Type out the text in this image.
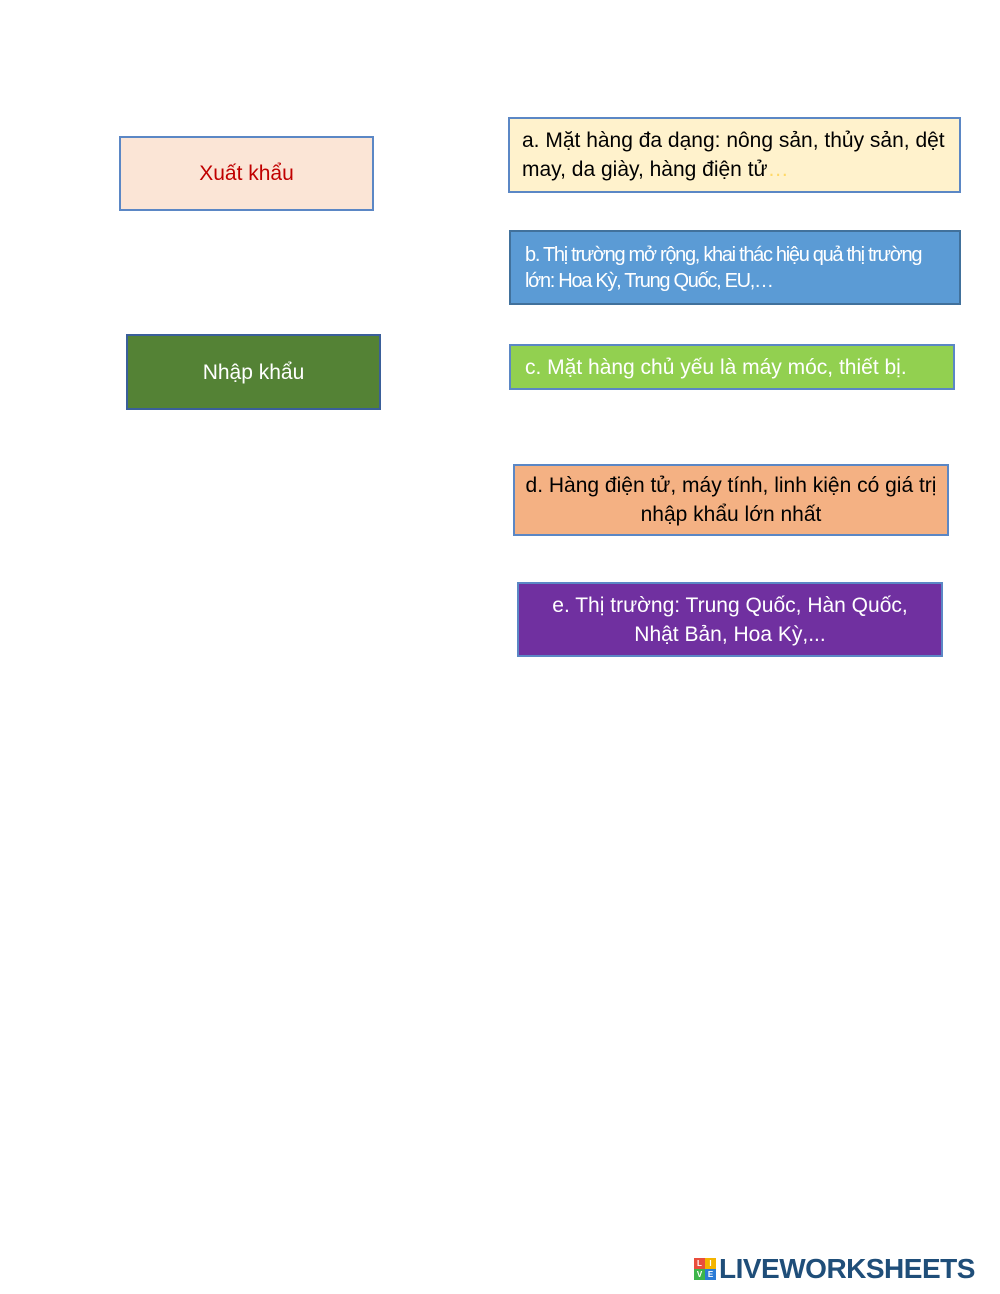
Xuất khẩu
Nhập khẩu
a. Mặt hàng đa dạng: nông sản, thủy sản, dệt may, da giày, hàng điện tử…
b. Thị trường mở rộng, khai thác hiệu quả thị trường lớn: Hoa Kỳ, Trung Quốc, EU,…
c. Mặt hàng chủ yếu là máy móc, thiết bị.
d. Hàng điện tử, máy tính, linh kiện có giá trị nhập khẩu lớn nhất
e. Thị trường: Trung Quốc, Hàn Quốc, Nhật Bản, Hoa Kỳ,...
L I
V E LIVEWORKSHEETS
